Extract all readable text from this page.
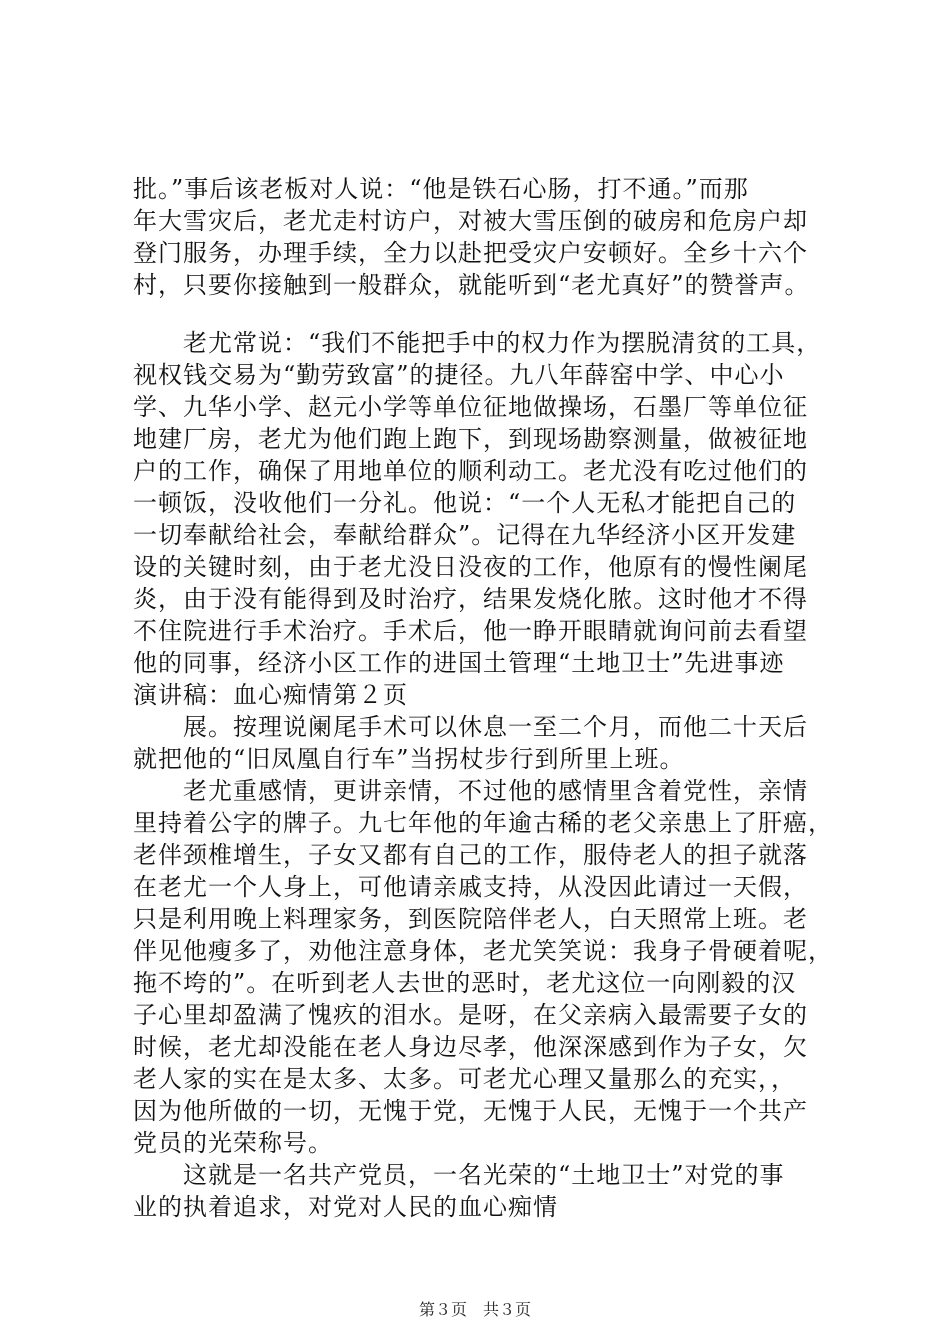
批。”事后该老板对人说：“他是铁石心肠，打不通。”而那
年大雪灾后，老尤走村访户，对被大雪压倒的破房和危房户却
登门服务，办理手续，全力以赴把受灾户安顿好。全乡十六个
村，只要你接触到一般群众，就能听到“老尤真好”的赞誉声。
　　老尤常说：“我们不能把手中的权力作为摆脱清贫的工具，
视权钱交易为“勤劳致富”的捷径。九八年薛窑中学、中心小
学、九华小学、赵元小学等单位征地做操场，石墨厂等单位征
地建厂房，老尤为他们跑上跑下，到现场勘察测量，做被征地
户的工作，确保了用地单位的顺利动工。老尤没有吃过他们的
一顿饭，没收他们一分礼。他说：“一个人无私才能把自己的
一切奉献给社会，奉献给群众”。记得在九华经济小区开发建
设的关键时刻，由于老尤没日没夜的工作，他原有的慢性阑尾
炎，由于没有能得到及时治疗，结果发烧化脓。这时他才不得
不住院进行手术治疗。手术后，他一睁开眼睛就询问前去看望
他的同事，经济小区工作的进国土管理“土地卫士”先进事迹
演讲稿：血心痴情第２页
　　展。按理说阑尾手术可以休息一至二个月，而他二十天后
就把他的“旧凤凰自行车”当拐杖步行到所里上班。
　　老尤重感情，更讲亲情，不过他的感情里含着党性，亲情
里持着公字的牌子。九七年他的年逾古稀的老父亲患上了肝癌，
老伴颈椎增生，子女又都有自己的工作，服侍老人的担子就落
在老尤一个人身上，可他请亲戚支持，从没因此请过一天假，
只是利用晚上料理家务，到医院陪伴老人，白天照常上班。老
伴见他瘦多了，劝他注意身体，老尤笑笑说：我身子骨硬着呢，
拖不垮的”。在听到老人去世的恶时，老尤这位一向刚毅的汉
子心里却盈满了愧疚的泪水。是呀，在父亲病入最需要子女的
时候，老尤却没能在老人身边尽孝，他深深感到作为子女，欠
老人家的实在是太多、太多。可老尤心理又量那么的充实，，
因为他所做的一切，无愧于党，无愧于人民，无愧于一个共产
党员的光荣称号。
　　这就是一名共产党员，一名光荣的“土地卫士”对党的事
业的执着追求，对党对人民的血心痴情
第３页　共３页
